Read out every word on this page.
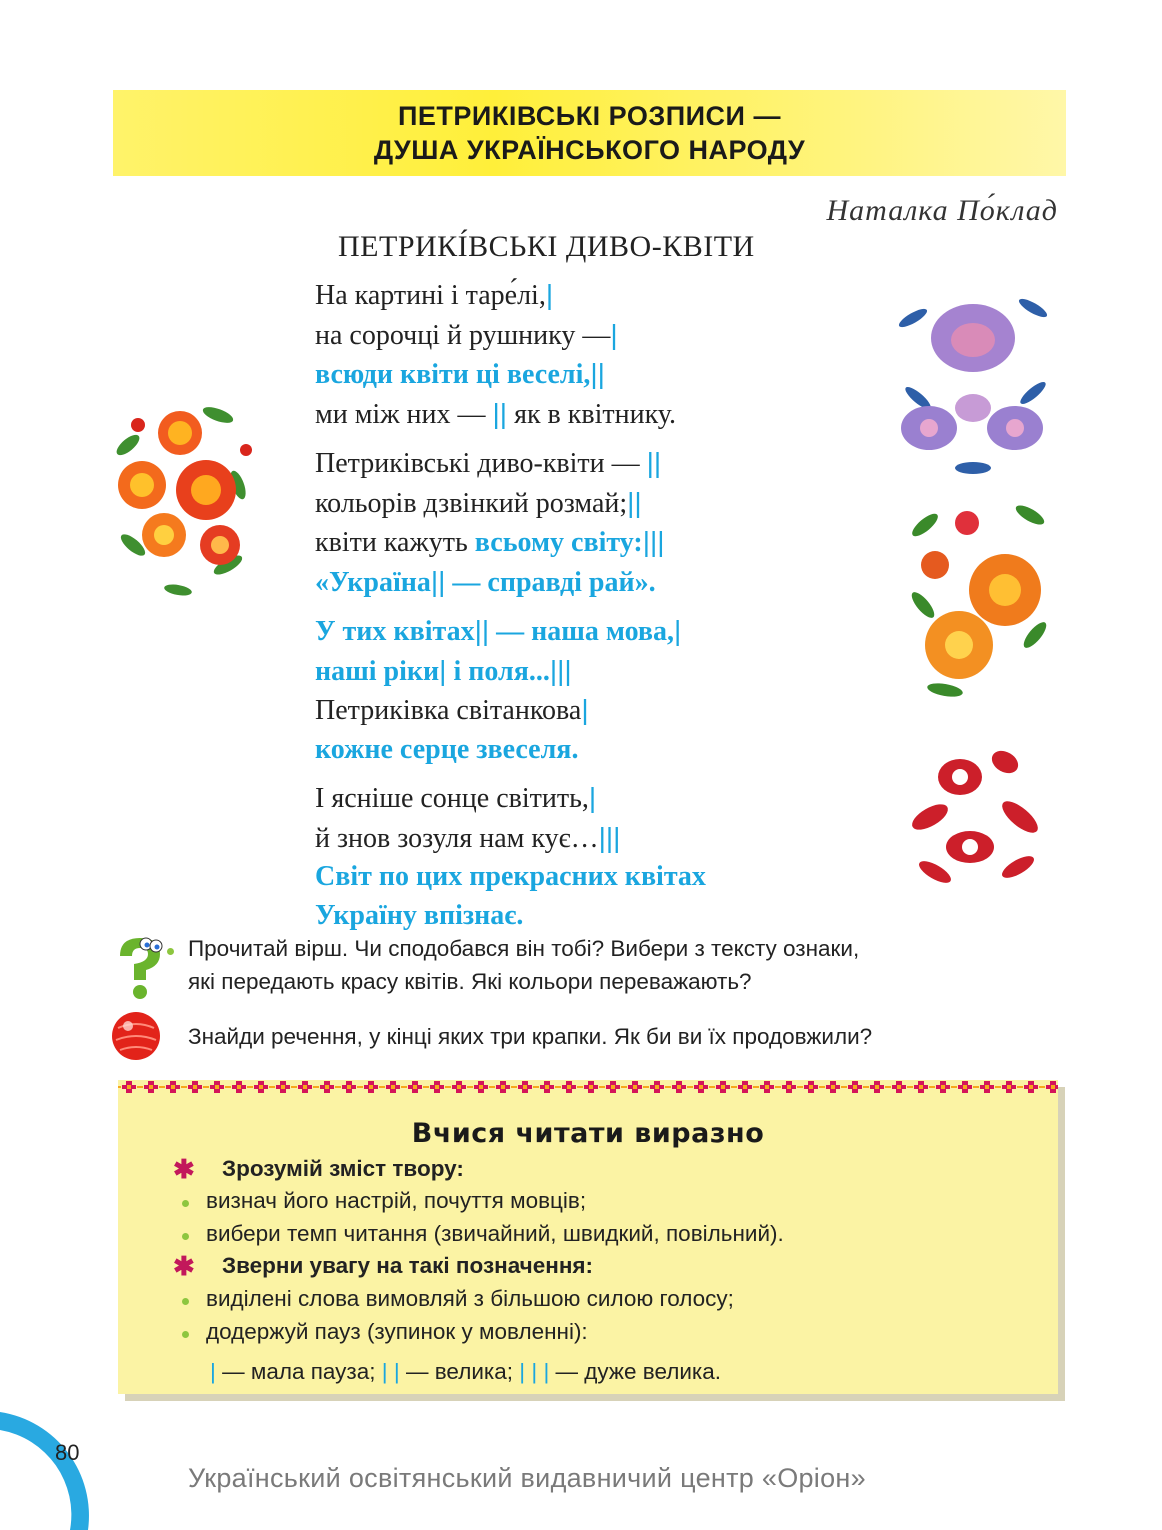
ПЕТРИКІВСЬКІ РОЗПИСИ —
ДУША УКРАЇНСЬКОГО НАРОДУ
Наталка По́клад
ПЕТРИКІ́ВСЬКІ ДИВО-КВІТИ
На картині і таре́лі,|
на сорочці й рушнику —|
всюди квіти ці веселі,||
ми між них — || як в квітнику.
Петриківські диво-квіти — ||
кольорів дзвінкий розмай;||
квіти кажуть всьому світу:|||
«Україна|| — справді рай».
У тих квітах|| — наша мова,|
наші ріки| і поля...|||
Петриківка світанкова|
кожне серце звеселя.
І ясніше сонце світить,|
й знов зозуля нам кує…|||
Світ по цих прекрасних квітах
Україну впізнає.
Прочитай вірш. Чи сподобався він тобі? Вибери з тексту ознаки,
які передають красу квітів. Які кольори переважають?
Знайди речення, у кінці яких три крапки. Як би ви їх продовжили?
Вчися читати виразно
✱ Зрозумій зміст твору:
визнач його настрій, почуття мовців;
вибери темп читання (звичайний, швидкий, повільний).
✱ Зверни увагу на такі позначення:
виділені слова вимовляй з більшою силою голосу;
додержуй пауз (зупинок у мовленні):
| — мала пауза; | | — велика; | | | — дуже велика.
80
Український освітянський видавничий центр «Оріон»
